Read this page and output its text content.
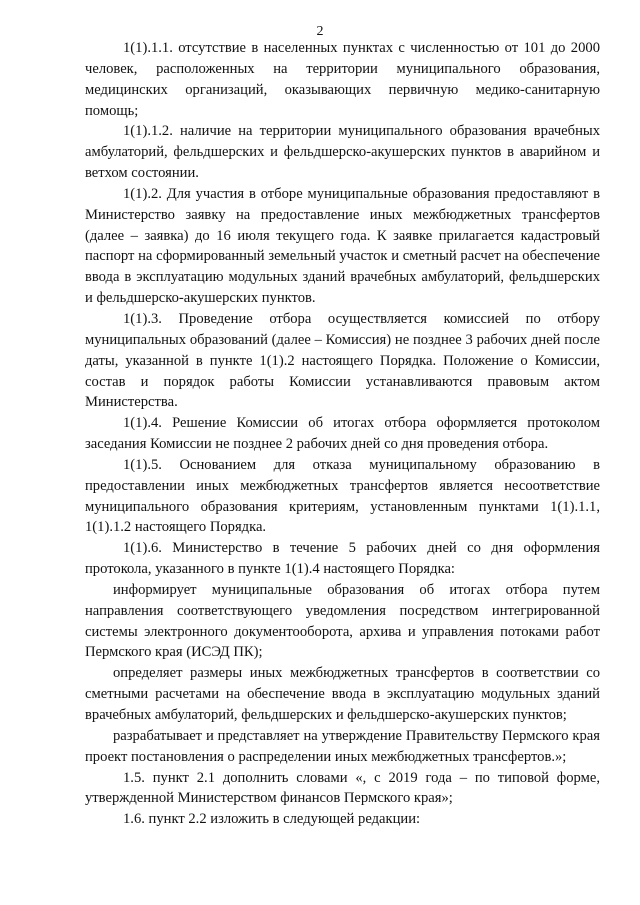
2

1(1).1.1. отсутствие в населенных пунктах с численностью от 101 до 2000 человек, расположенных на территории муниципального образования, медицинских организаций, оказывающих первичную медико-санитарную помощь;

1(1).1.2. наличие на территории муниципального образования врачебных амбулаторий, фельдшерских и фельдшерско-акушерских пунктов в аварийном и ветхом состоянии.

1(1).2. Для участия в отборе муниципальные образования предоставляют в Министерство заявку на предоставление иных межбюджетных трансфертов (далее – заявка) до 16 июля текущего года. К заявке прилагается кадастровый паспорт на сформированный земельный участок и сметный расчет на обеспечение ввода в эксплуатацию модульных зданий врачебных амбулаторий, фельдшерских и фельдшерско-акушерских пунктов.

1(1).3. Проведение отбора осуществляется комиссией по отбору муниципальных образований (далее – Комиссия) не позднее 3 рабочих дней после даты, указанной в пункте 1(1).2 настоящего Порядка. Положение о Комиссии, состав и порядок работы Комиссии устанавливаются правовым актом Министерства.

1(1).4. Решение Комиссии об итогах отбора оформляется протоколом заседания Комиссии не позднее 2 рабочих дней со дня проведения отбора.

1(1).5. Основанием для отказа муниципальному образованию в предоставлении иных межбюджетных трансфертов является несоответствие муниципального образования критериям, установленным пунктами 1(1).1.1, 1(1).1.2 настоящего Порядка.

1(1).6. Министерство в течение 5 рабочих дней со дня оформления протокола, указанного в пункте 1(1).4 настоящего Порядка:

информирует муниципальные образования об итогах отбора путем направления соответствующего уведомления посредством интегрированной системы электронного документооборота, архива и управления потоками работ Пермского края (ИСЭД ПК);

определяет размеры иных межбюджетных трансфертов в соответствии со сметными расчетами на обеспечение ввода в эксплуатацию модульных зданий врачебных амбулаторий, фельдшерских и фельдшерско-акушерских пунктов;

разрабатывает и представляет на утверждение Правительству Пермского края проект постановления о распределении иных межбюджетных трансфертов.»;

1.5. пункт 2.1 дополнить словами «, с 2019 года – по типовой форме, утвержденной Министерством финансов Пермского края»;

1.6. пункт 2.2 изложить в следующей редакции:
